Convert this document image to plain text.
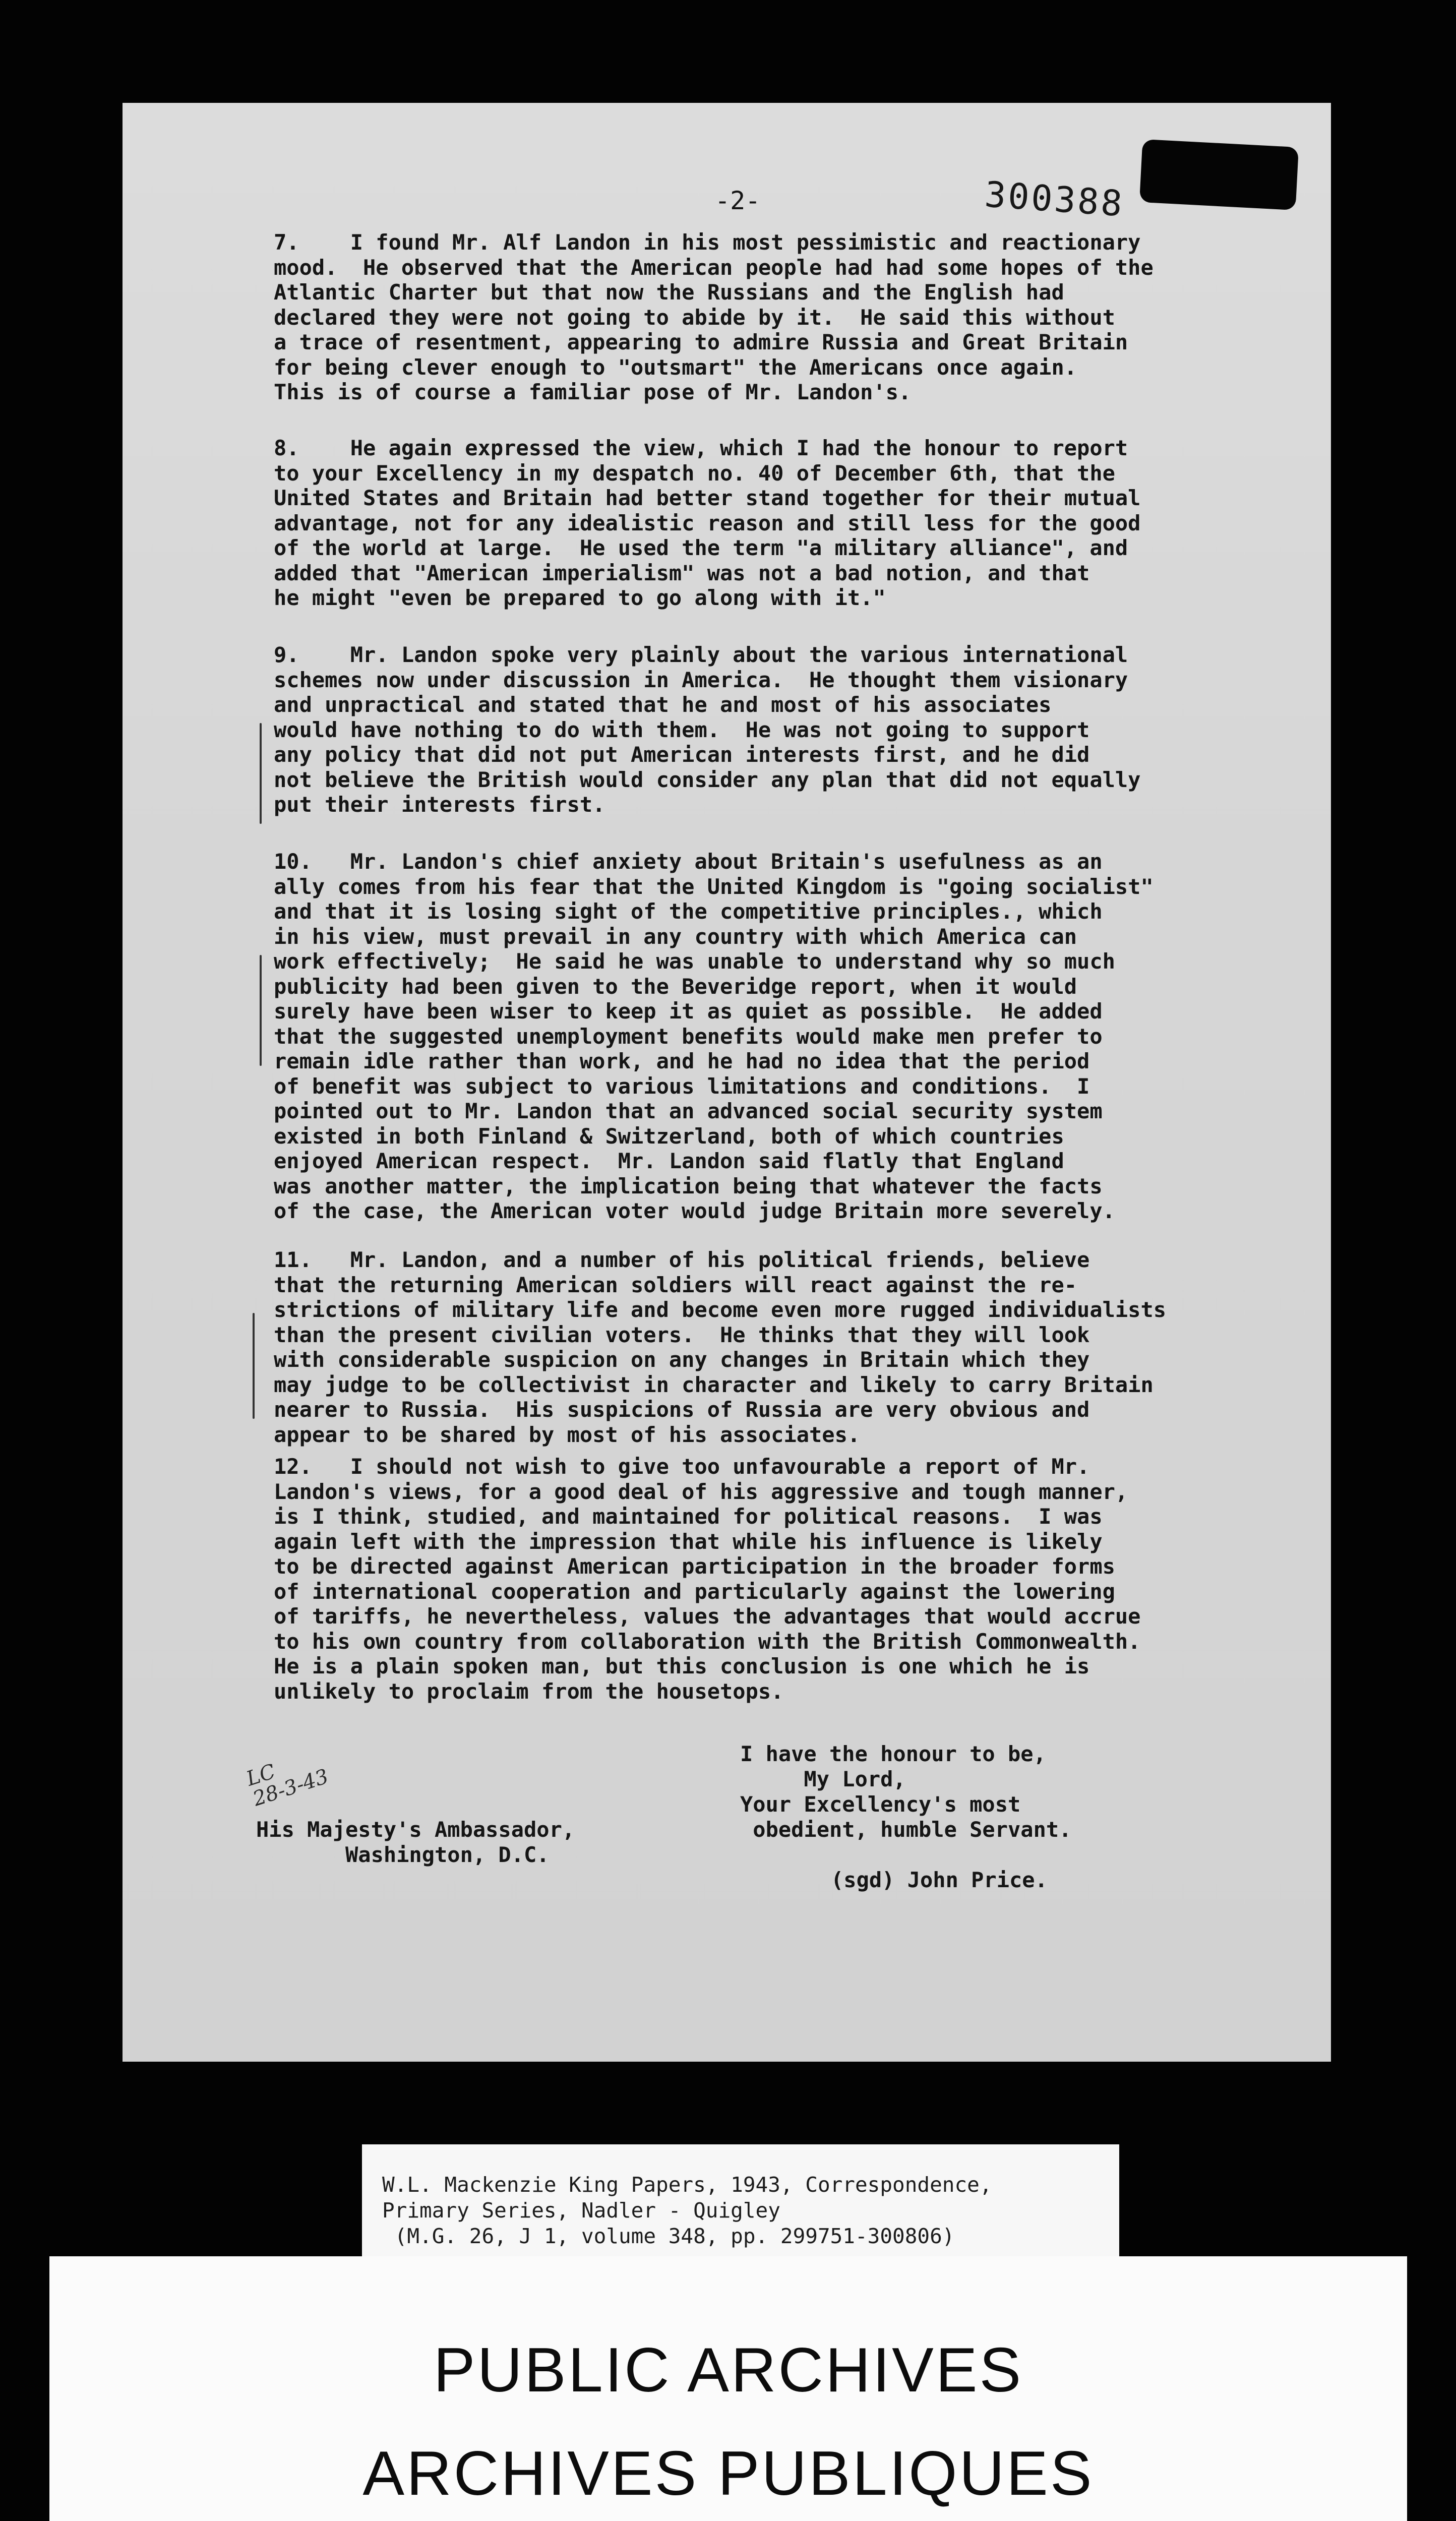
-2-	300388
7.    I found Mr. Alf Landon in his most pessimistic and reactionary
mood.  He observed that the American people had had some hopes of the
Atlantic Charter but that now the Russians and the English had
declared they were not going to abide by it.  He said this without
a trace of resentment, appearing to admire Russia and Great Britain
for being clever enough to "outsmart" the Americans once again.
This is of course a familiar pose of Mr. Landon's.
8.    He again expressed the view, which I had the honour to report
to your Excellency in my despatch no. 40 of December 6th, that the
United States and Britain had better stand together for their mutual
advantage, not for any idealistic reason and still less for the good
of the world at large.  He used the term "a military alliance", and
added that "American imperialism" was not a bad notion, and that
he might "even be prepared to go along with it."
9.    Mr. Landon spoke very plainly about the various international
schemes now under discussion in America.  He thought them visionary
and unpractical and stated that he and most of his associates
would have nothing to do with them.  He was not going to support
any policy that did not put American interests first, and he did
not believe the British would consider any plan that did not equally
put their interests first.
10.   Mr. Landon's chief anxiety about Britain's usefulness as an
ally comes from his fear that the United Kingdom is "going socialist"
and that it is losing sight of the competitive principles., which
in his view, must prevail in any country with which America can
work effectively;  He said he was unable to understand why so much
publicity had been given to the Beveridge report, when it would
surely have been wiser to keep it as quiet as possible.  He added
that the suggested unemployment benefits would make men prefer to
remain idle rather than work, and he had no idea that the period
of benefit was subject to various limitations and conditions.  I
pointed out to Mr. Landon that an advanced social security system
existed in both Finland & Switzerland, both of which countries
enjoyed American respect.  Mr. Landon said flatly that England
was another matter, the implication being that whatever the facts
of the case, the American voter would judge Britain more severely.
11.   Mr. Landon, and a number of his political friends, believe
that the returning American soldiers will react against the re-
strictions of military life and become even more rugged individualists
than the present civilian voters.  He thinks that they will look
with considerable suspicion on any changes in Britain which they
may judge to be collectivist in character and likely to carry Britain
nearer to Russia.  His suspicions of Russia are very obvious and
appear to be shared by most of his associates.
12.   I should not wish to give too unfavourable a report of Mr.
Landon's views, for a good deal of his aggressive and tough manner,
is I think, studied, and maintained for political reasons.  I was
again left with the impression that while his influence is likely
to be directed against American participation in the broader forms
of international cooperation and particularly against the lowering
of tariffs, he nevertheless, values the advantages that would accrue
to his own country from collaboration with the British Commonwealth.
He is a plain spoken man, but this conclusion is one which he is
unlikely to proclaim from the housetops.
LC
28-3-43
I have the honour to be,
My Lord,
Your Excellency's most
obedient, humble Servant.
His Majesty's Ambassador,
Washington, D.C.
(sgd) John Price.
W.L. Mackenzie King Papers, 1943, Correspondence,
Primary Series, Nadler - Quigley
(M.G. 26, J 1, volume 348, pp. 299751-300806)
PUBLIC ARCHIVES
ARCHIVES PUBLIQUES
